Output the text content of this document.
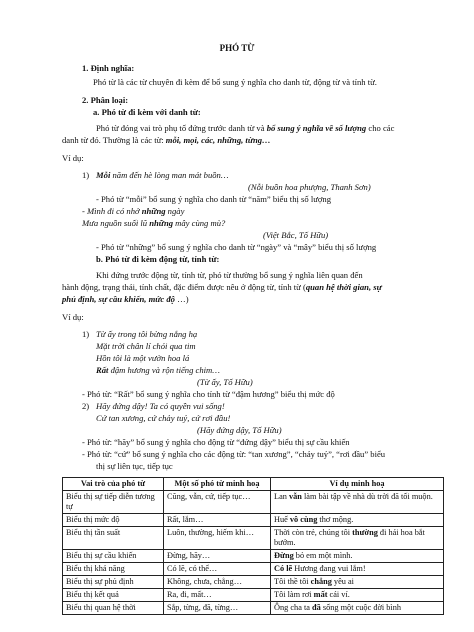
PHÓ TỪ
1. Định nghĩa:
Phó từ là các từ chuyên đi kèm để bổ sung ý nghĩa cho danh từ, động từ và tính từ.
2. Phân loại:
a. Phó từ đi kèm với danh từ:
Phó từ đóng vai trò phụ tố đứng trước danh từ và bổ sung ý nghĩa về số lượng cho các
danh từ đó. Thường là các từ: mỗi, mọi, các, những, từng…
Ví dụ:
1) Mỗi năm đến hè lòng man mát buồn…
(Nỗi buồn hoa phượng, Thanh Sơn)
- Phó từ “mỗi” bổ sung ý nghĩa cho danh từ “năm” biểu thị số lượng
- Mình đi có nhớ những ngày
Mưa nguồn suối lũ những mây cùng mù?
(Việt Bắc, Tố Hữu)
- Phó từ “những” bổ sung ý nghĩa cho danh từ “ngày” và “mây” biểu thị số lượng
b. Phó từ đi kèm động từ, tính từ:
Khi đứng trước động từ, tính từ, phó từ thường bổ sung ý nghĩa liên quan đến
hành động, trạng thái, tính chất, đặc điểm được nêu ở động từ, tính từ (quan hệ thời gian, sự
phủ định, sự cầu khiến, mức độ …)
Ví dụ:
1) Từ ấy trong tôi bừng nắng hạ
Mặt trời chân lí chói qua tim
Hồn tôi là một vườn hoa lá
Rất đậm hương và rộn tiếng chim…
(Từ ấy, Tố Hữu)
- Phó từ: “Rất” bổ sung ý nghĩa cho tính từ “đậm hương” biểu thị mức độ
2) Hãy đứng dậy! Ta có quyền vui sống!
Cứ tan xương, cứ chảy tuỷ, cứ rơi đầu!
(Hãy đứng dậy, Tố Hữu)
- Phó từ: “hãy” bổ sung ý nghĩa cho động từ “đứng dậy” biểu thị sự cầu khiến
- Phó từ: “cứ” bổ sung ý nghĩa cho các động từ: “tan xương”, “chảy tuỷ”, “rơi đầu” biểu
thị sự liên tục, tiếp tục
Vai trò của phó từ	Một số phó từ minh hoạ	Ví dụ minh hoạ
Biểu thị sự tiếp diễn tương tự	Cũng, vẫn, cứ, tiếp tục…	Lan vẫn làm bài tập về nhà dù trời đã tối muộn.
Biểu thị mức độ	Rất, lắm…	Huế vô cùng thơ mộng.
Biểu thị tần suất	Luôn, thường, hiếm khi…	Thời còn trẻ, chúng tôi thường đi hái hoa bắt bướm.
Biểu thị sự cầu khiến	Đừng, hãy…	Đừng bỏ em một mình.
Biểu thị khả năng	Có lẽ, có thể…	Có lẽ Hương đang vui lắm!
Biểu thị sự phủ định	Không, chưa, chẳng…	Tôi thề tôi chẳng yêu ai
Biểu thị kết quả	Ra, đi, mất…	Tôi làm rơi mất cái ví.
Biểu thị quan hệ thời	Sắp, từng, đã, từng…	Ông cha ta đã sống một cuộc đời bình
